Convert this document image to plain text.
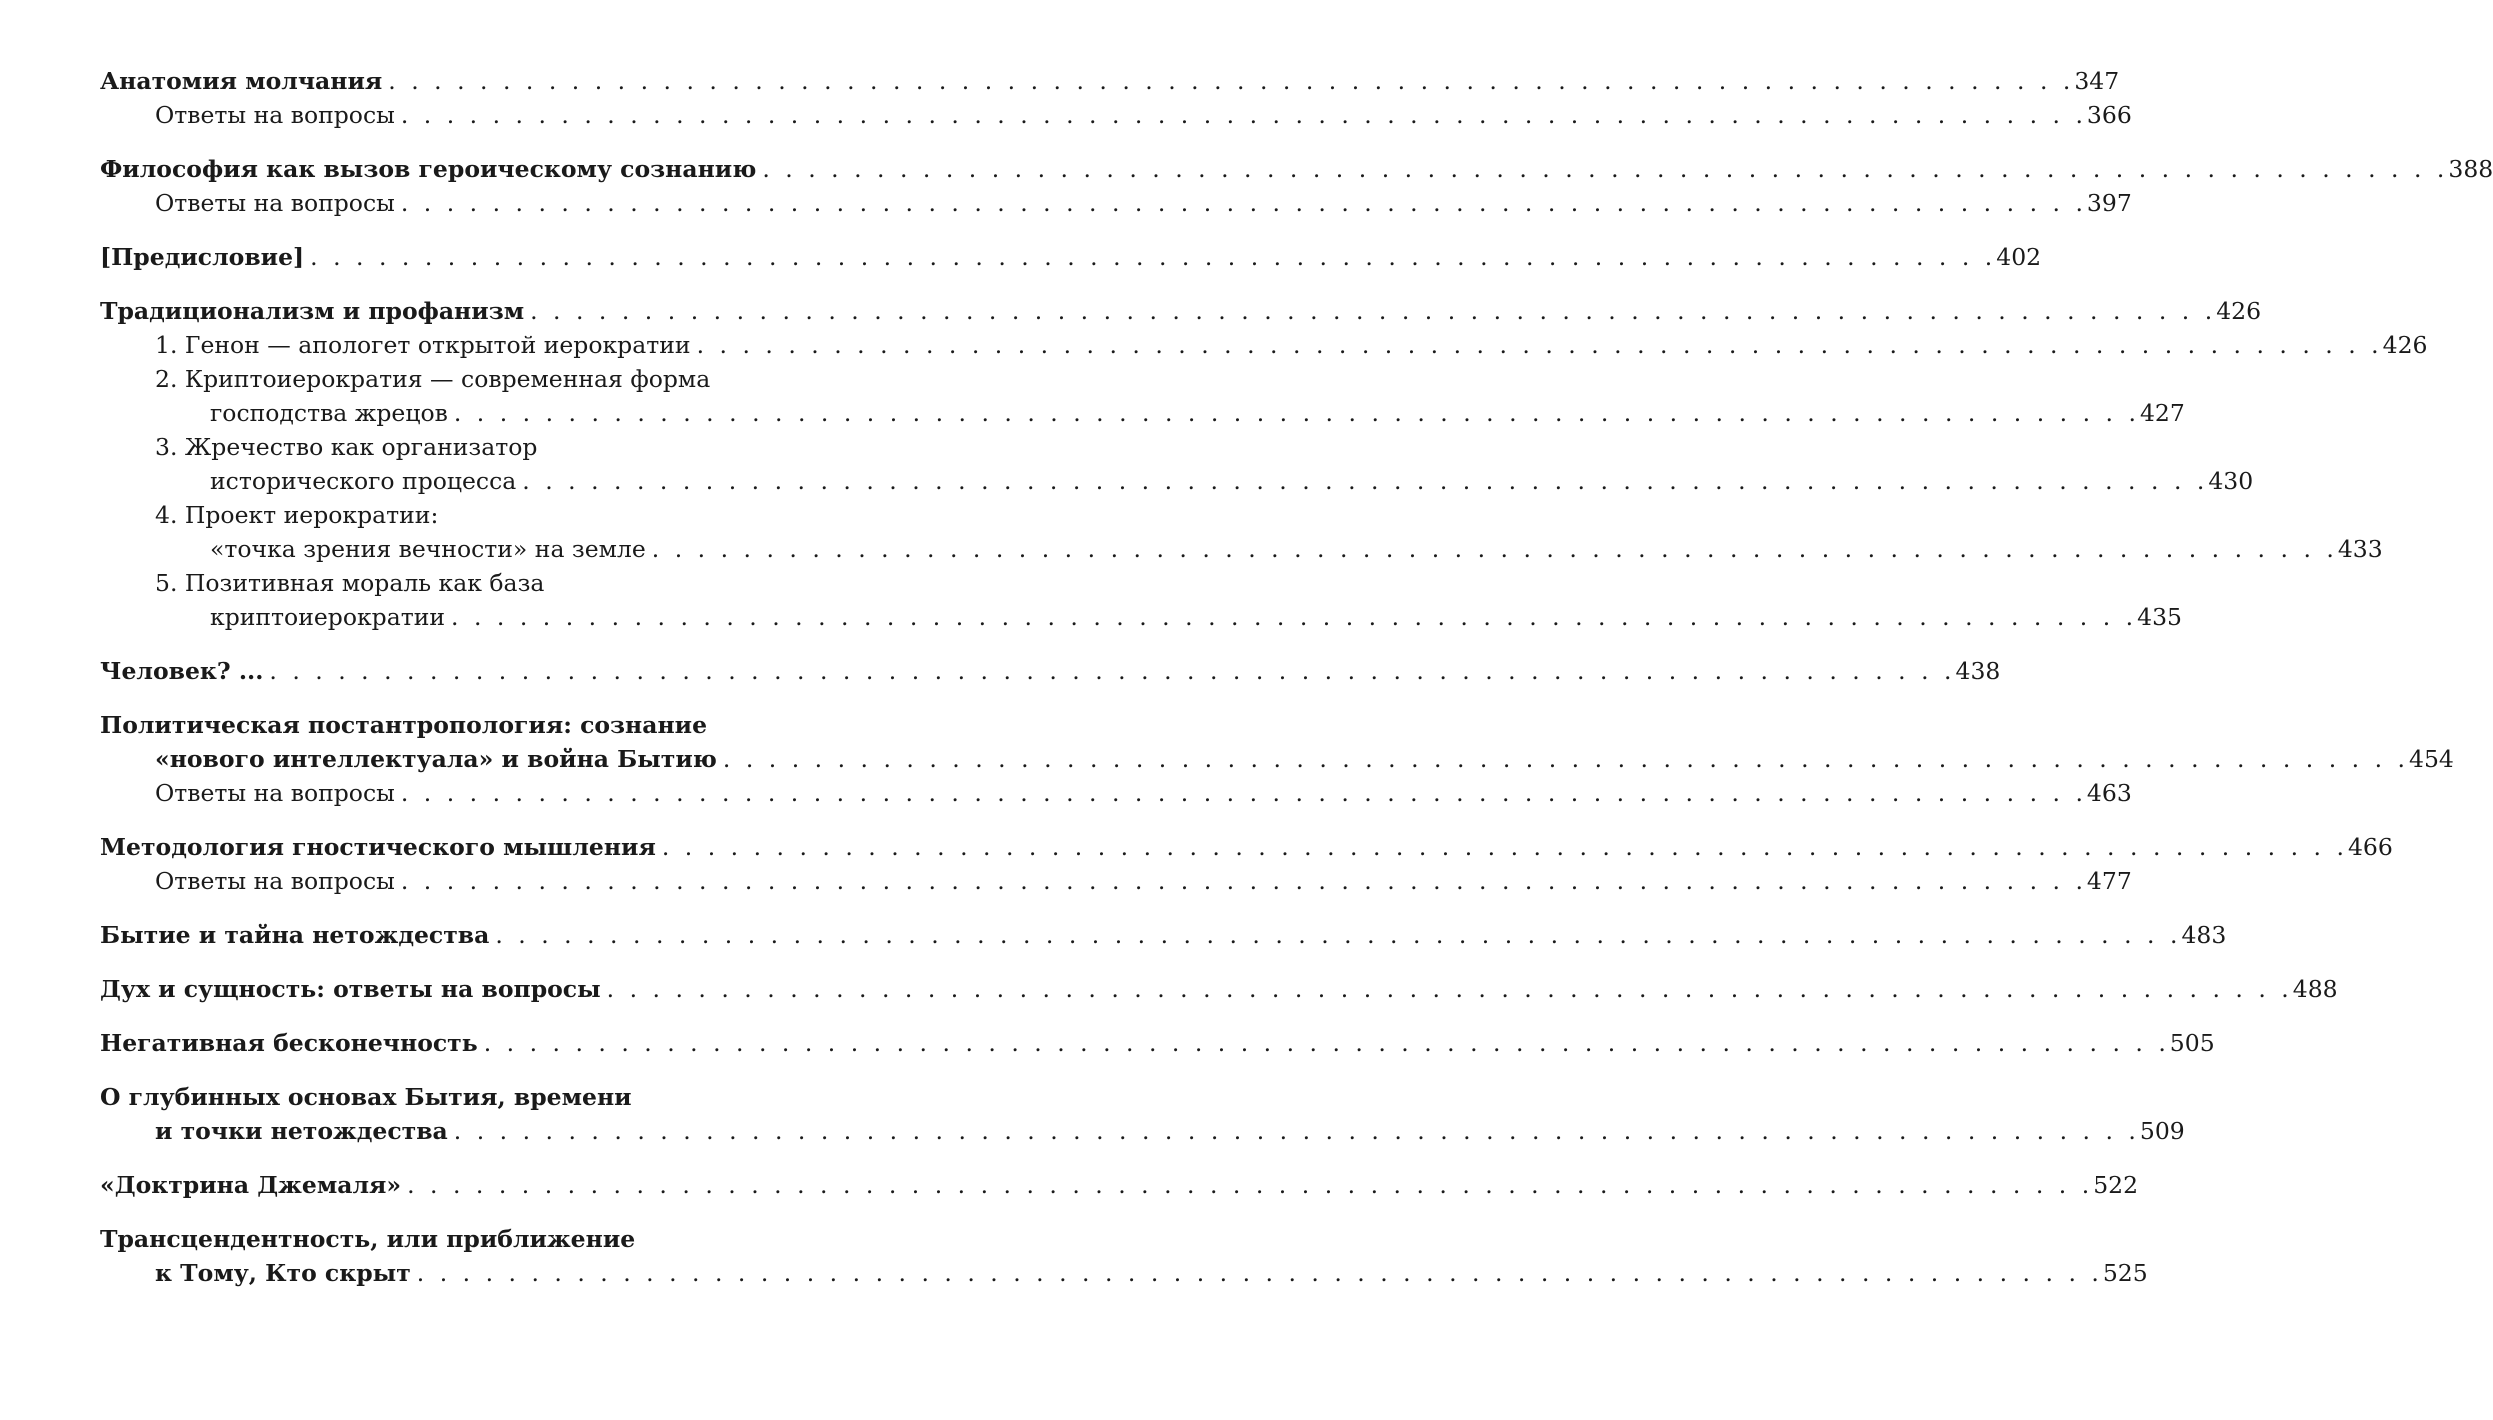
Анатомия молчания . . . . . . . . . . . . . . . . . . . . . . . . . . . . . . . . . . . . . . . . . . . . . . . . . . . . . . . . . . . . . . . . . . . . . . . . . . 347
Ответы на вопросы . . . . . . . . . . . . . . . . . . . . . . . . . . . . . . . . . . . . . . . . . . . . . . . . . . . . . . . . . . . . . . . . . . . . . . . . . . 366
Философия как вызов героическому сознанию . . . . . . . . . . . . . . . . . . . . . . . . . . . . . . . . . . . . . . . . . . . . . . . . . . . . . . . . . . . . . . . . . . . . . . . . . . 388
Ответы на вопросы . . . . . . . . . . . . . . . . . . . . . . . . . . . . . . . . . . . . . . . . . . . . . . . . . . . . . . . . . . . . . . . . . . . . . . . . . . 397
[Предисловие] . . . . . . . . . . . . . . . . . . . . . . . . . . . . . . . . . . . . . . . . . . . . . . . . . . . . . . . . . . . . . . . . . . . . . . . . . . 402
Традиционализм и профанизм . . . . . . . . . . . . . . . . . . . . . . . . . . . . . . . . . . . . . . . . . . . . . . . . . . . . . . . . . . . . . . . . . . . . . . . . . . 426
1. Генон — апологет открытой иерократии . . . . . . . . . . . . . . . . . . . . . . . . . . . . . . . . . . . . . . . . . . . . . . . . . . . . . . . . . . . . . . . . . . . . . . . . . . 426
2. Криптоиерократия — современная форма
господства жрецов . . . . . . . . . . . . . . . . . . . . . . . . . . . . . . . . . . . . . . . . . . . . . . . . . . . . . . . . . . . . . . . . . . . . . . . . . . 427
3. Жречество как организатор
исторического процесса . . . . . . . . . . . . . . . . . . . . . . . . . . . . . . . . . . . . . . . . . . . . . . . . . . . . . . . . . . . . . . . . . . . . . . . . . . 430
4. Проект иерократии:
«точка зрения вечности» на земле . . . . . . . . . . . . . . . . . . . . . . . . . . . . . . . . . . . . . . . . . . . . . . . . . . . . . . . . . . . . . . . . . . . . . . . . . . 433
5. Позитивная мораль как база
криптоиерократии . . . . . . . . . . . . . . . . . . . . . . . . . . . . . . . . . . . . . . . . . . . . . . . . . . . . . . . . . . . . . . . . . . . . . . . . . . 435
Человек? ... . . . . . . . . . . . . . . . . . . . . . . . . . . . . . . . . . . . . . . . . . . . . . . . . . . . . . . . . . . . . . . . . . . . . . . . . . . 438
Политическая постантропология: сознание
«нового интеллектуала» и война Бытию . . . . . . . . . . . . . . . . . . . . . . . . . . . . . . . . . . . . . . . . . . . . . . . . . . . . . . . . . . . . . . . . . . . . . . . . . . 454
Ответы на вопросы . . . . . . . . . . . . . . . . . . . . . . . . . . . . . . . . . . . . . . . . . . . . . . . . . . . . . . . . . . . . . . . . . . . . . . . . . . 463
Методология гностического мышления . . . . . . . . . . . . . . . . . . . . . . . . . . . . . . . . . . . . . . . . . . . . . . . . . . . . . . . . . . . . . . . . . . . . . . . . . . 466
Ответы на вопросы . . . . . . . . . . . . . . . . . . . . . . . . . . . . . . . . . . . . . . . . . . . . . . . . . . . . . . . . . . . . . . . . . . . . . . . . . . 477
Бытие и тайна нетождества . . . . . . . . . . . . . . . . . . . . . . . . . . . . . . . . . . . . . . . . . . . . . . . . . . . . . . . . . . . . . . . . . . . . . . . . . . 483
Дух и сущность: ответы на вопросы . . . . . . . . . . . . . . . . . . . . . . . . . . . . . . . . . . . . . . . . . . . . . . . . . . . . . . . . . . . . . . . . . . . . . . . . . . 488
Негативная бесконечность . . . . . . . . . . . . . . . . . . . . . . . . . . . . . . . . . . . . . . . . . . . . . . . . . . . . . . . . . . . . . . . . . . . . . . . . . . 505
О глубинных основах Бытия, времени
и точки нетождества . . . . . . . . . . . . . . . . . . . . . . . . . . . . . . . . . . . . . . . . . . . . . . . . . . . . . . . . . . . . . . . . . . . . . . . . . . 509
«Доктрина Джемаля» . . . . . . . . . . . . . . . . . . . . . . . . . . . . . . . . . . . . . . . . . . . . . . . . . . . . . . . . . . . . . . . . . . . . . . . . . . 522
Трансцендентность, или приближение
к Тому, Кто скрыт . . . . . . . . . . . . . . . . . . . . . . . . . . . . . . . . . . . . . . . . . . . . . . . . . . . . . . . . . . . . . . . . . . . . . . . . . . 525
